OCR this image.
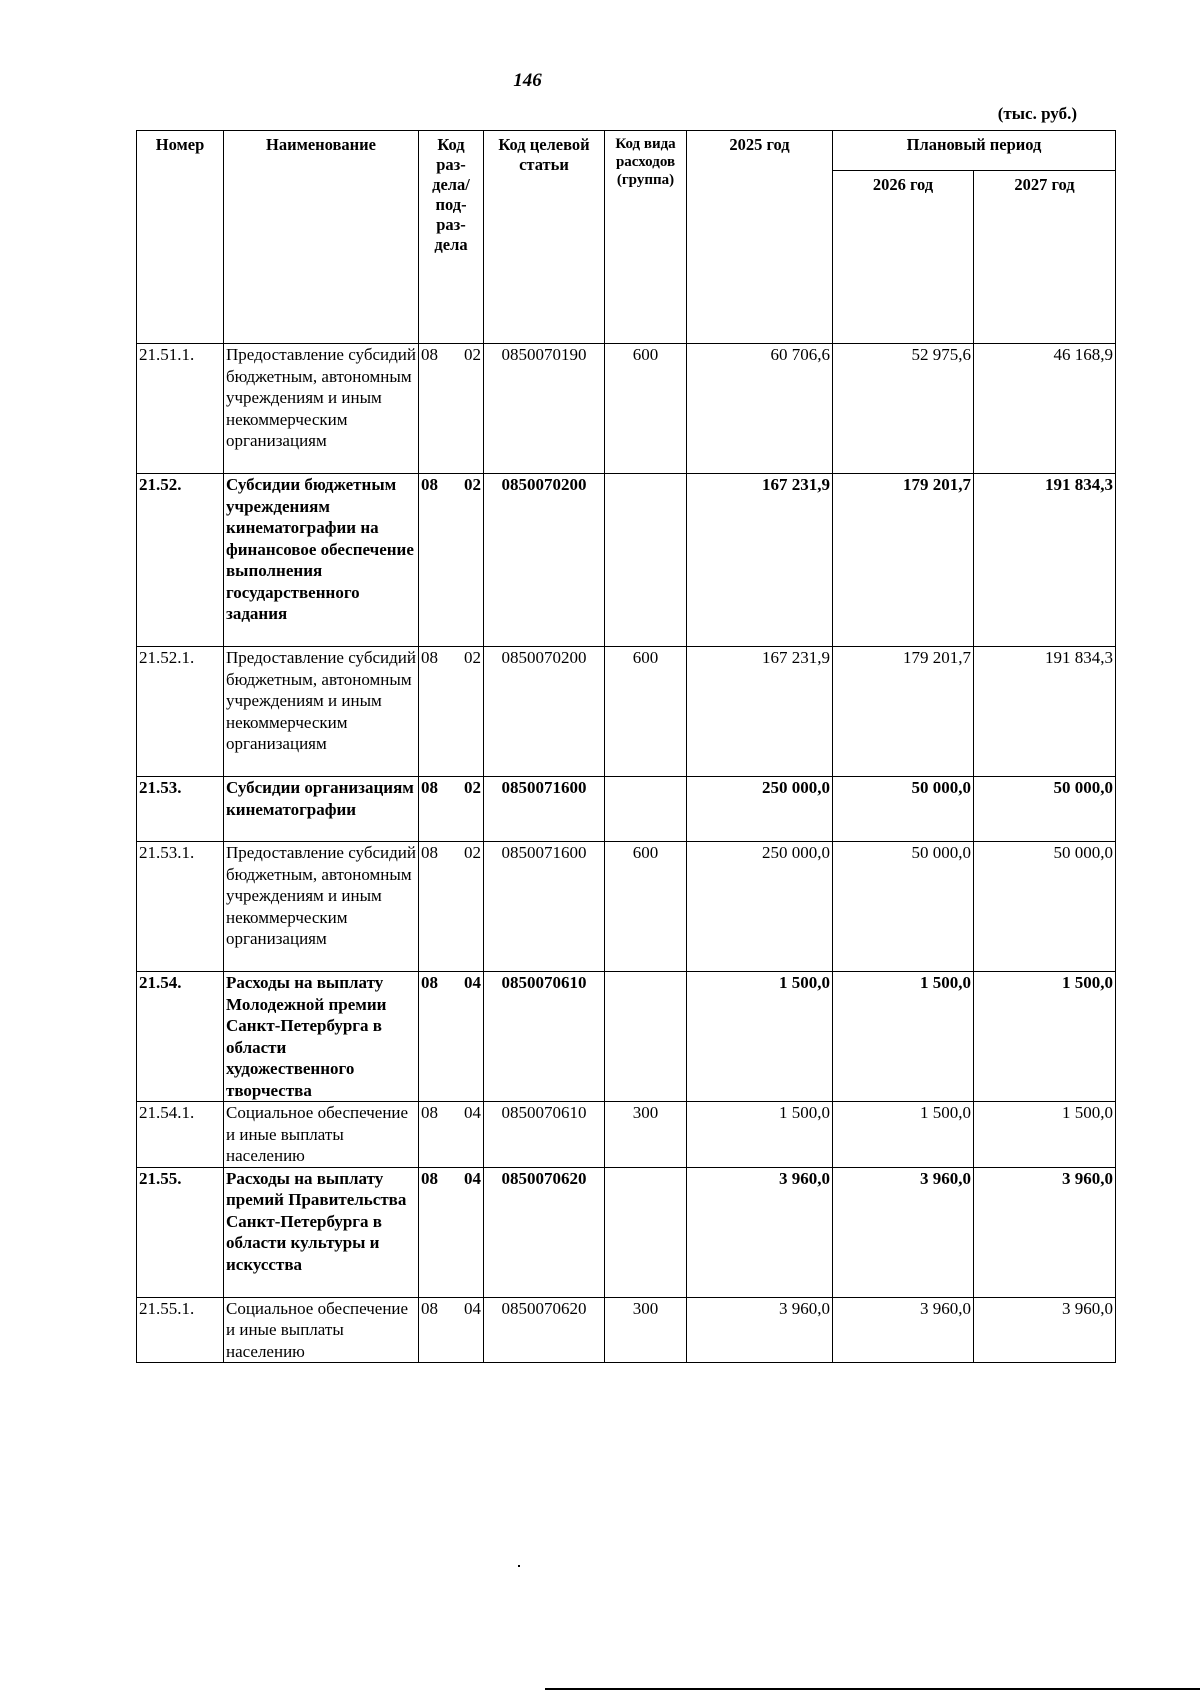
146
(тыс. руб.)
Номер	Наименование	Код раз-дела/ под-раз-дела	Код целевой статьи	Код вида расходов (группа)	2025 год	Плановый период	
						2026 год	2027 год
21.51.1.	Предоставление субсидий бюджетным, автономным учреждениям и иным некоммерческим организациям	08 02	0850070190	600	60 706,6	52 975,6	46 168,9
21.52.	Субсидии бюджетным учреждениям кинематографии на финансовое обеспечение выполнения государственного задания	08 02	0850070200		167 231,9	179 201,7	191 834,3
21.52.1.	Предоставление субсидий бюджетным, автономным учреждениям и иным некоммерческим организациям	08 02	0850070200	600	167 231,9	179 201,7	191 834,3
21.53.	Субсидии организациям кинематографии	08 02	0850071600		250 000,0	50 000,0	50 000,0
21.53.1.	Предоставление субсидий бюджетным, автономным учреждениям и иным некоммерческим организациям	08 02	0850071600	600	250 000,0	50 000,0	50 000,0
21.54.	Расходы на выплату Молодежной премии Санкт-Петербурга в области художественного творчества	08 04	0850070610		1 500,0	1 500,0	1 500,0
21.54.1.	Социальное обеспечение и иные выплаты населению	08 04	0850070610	300	1 500,0	1 500,0	1 500,0
21.55.	Расходы на выплату премий Правительства Санкт-Петербурга в области культуры и искусства	08 04	0850070620		3 960,0	3 960,0	3 960,0
21.55.1.	Социальное обеспечение и иные выплаты населению	08 04	0850070620	300	3 960,0	3 960,0	3 960,0
